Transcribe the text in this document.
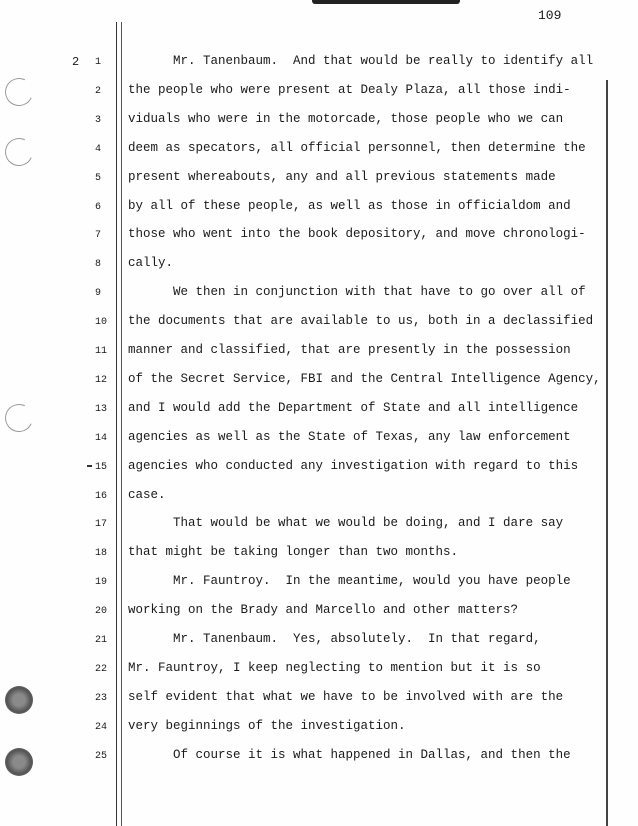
109
2 1	Mr. Tanenbaum.  And that would be really to identify all
2	the people who were present at Dealy Plaza, all those indi-
3	viduals who were in the motorcade, those people who we can
4	deem as specators, all official personnel, then determine the
5	present whereabouts, any and all previous statements made
6	by all of these people, as well as those in officialdom and
7	those who went into the book depository, and move chronologi-
8	cally.
9	We then in conjunction with that have to go over all of
10	the documents that are available to us, both in a declassified
11	manner and classified, that are presently in the possession
12	of the Secret Service, FBI and the Central Intelligence Agency,
13	and I would add the Department of State and all intelligence
14	agencies as well as the State of Texas, any law enforcement
15	agencies who conducted any investigation with regard to this
16	case.
17	That would be what we would be doing, and I dare say
18	that might be taking longer than two months.
19	Mr. Fauntroy.  In the meantime, would you have people
20	working on the Brady and Marcello and other matters?
21	Mr. Tanenbaum.  Yes, absolutely.  In that regard,
22	Mr. Fauntroy, I keep neglecting to mention but it is so
23	self evident that what we have to be involved with are the
24	very beginnings of the investigation.
25	Of course it is what happened in Dallas, and then the
